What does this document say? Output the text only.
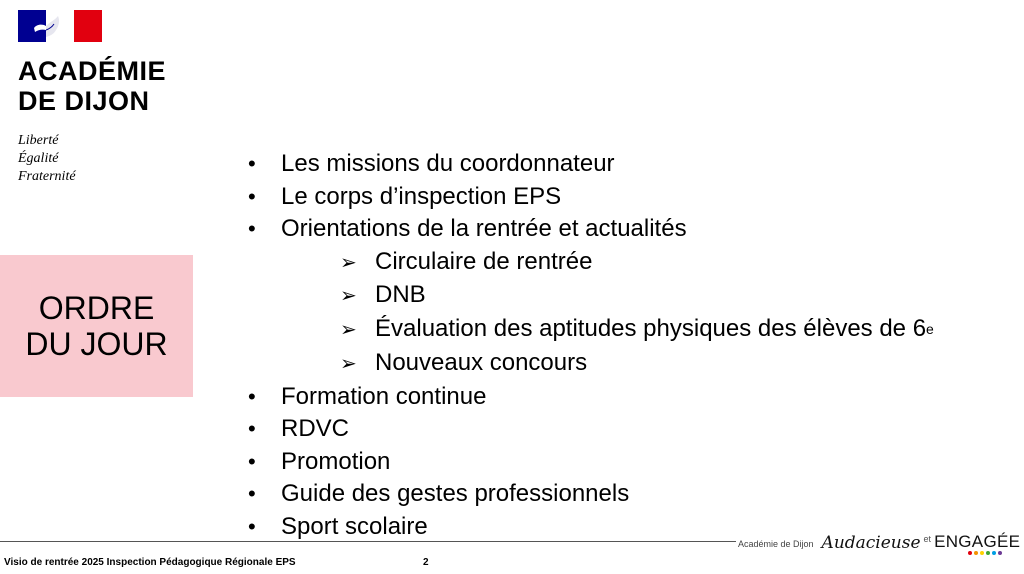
ACADÉMIE
DE DIJON
Liberté
Égalité
Fraternité
ORDRE
DU JOUR
•	Les missions du coordonnateur
•	Le corps d’inspection EPS
•	Orientations de la rentrée et actualités
➢ Circulaire de rentrée
➢ DNB
➢ Évaluation des aptitudes physiques des élèves de 6e
➢ Nouveaux concours
•	Formation continue
•	RDVC
•	Promotion
•	Guide des gestes professionnels
•	Sport scolaire
Académie de Dijon Audacieuse et ENGAGÉE
Visio de rentrée 2025 Inspection Pédagogique Régionale EPS	2
